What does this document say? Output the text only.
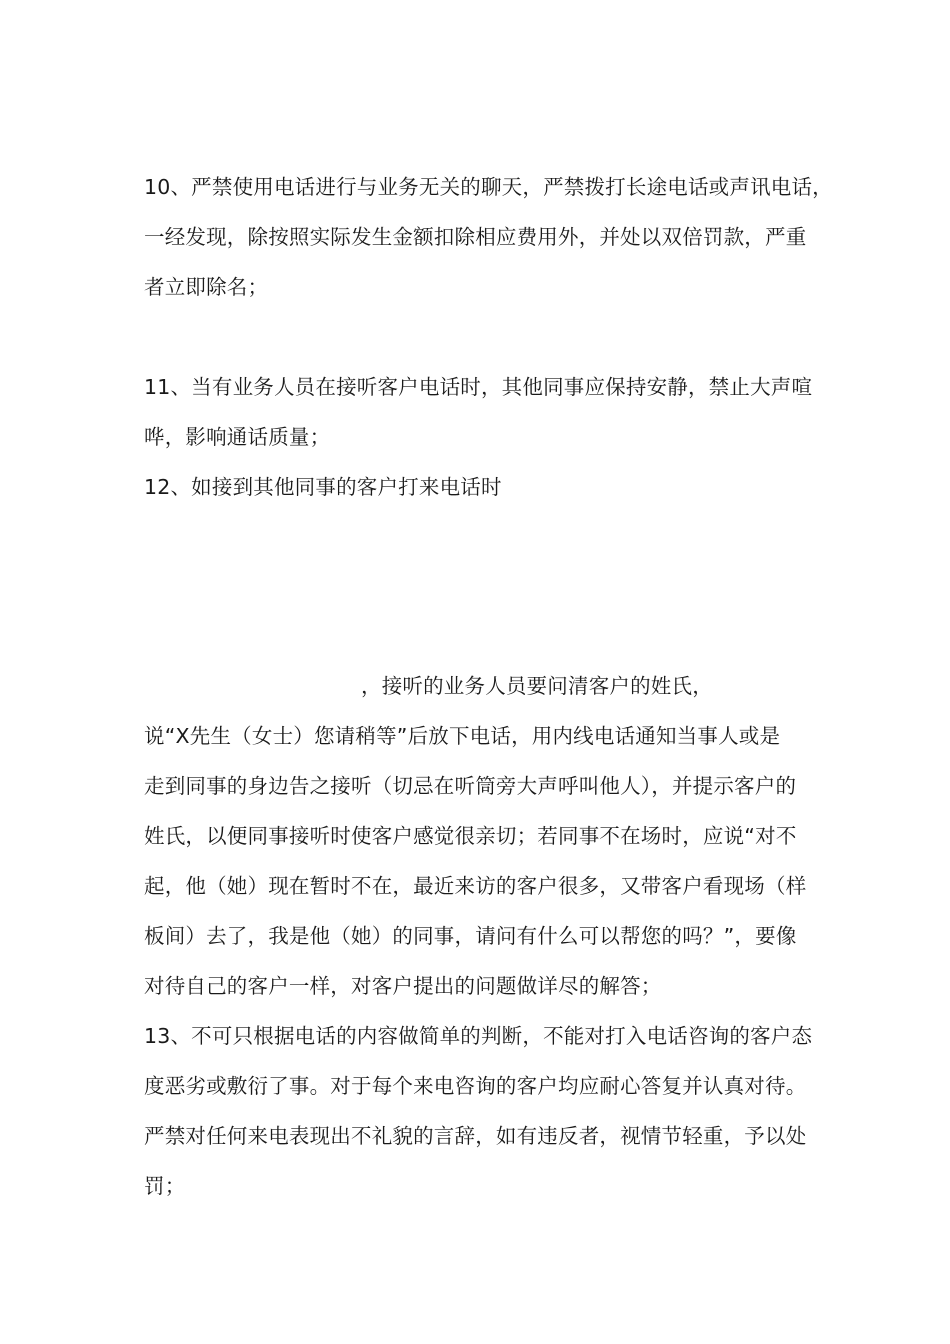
10、严禁使用电话进行与业务无关的聊天，严禁拨打长途电话或声讯电话，
一经发现，除按照实际发生金额扣除相应费用外，并处以双倍罚款，严重
者立即除名；
11、当有业务人员在接听客户电话时，其他同事应保持安静，禁止大声喧
哗，影响通话质量；
12、如接到其他同事的客户打来电话时
，接听的业务人员要问清客户的姓氏，
说“X先生（女士）您请稍等”后放下电话，用内线电话通知当事人或是
走到同事的身边告之接听（切忌在听筒旁大声呼叫他人），并提示客户的
姓氏，以便同事接听时使客户感觉很亲切；若同事不在场时，应说“对不
起，他（她）现在暂时不在，最近来访的客户很多，又带客户看现场（样
板间）去了，我是他（她）的同事，请问有什么可以帮您的吗？”，要像
对待自己的客户一样，对客户提出的问题做详尽的解答；
13、不可只根据电话的内容做简单的判断，不能对打入电话咨询的客户态
度恶劣或敷衍了事。对于每个来电咨询的客户均应耐心答复并认真对待。
严禁对任何来电表现出不礼貌的言辞，如有违反者，视情节轻重，予以处
罚；
